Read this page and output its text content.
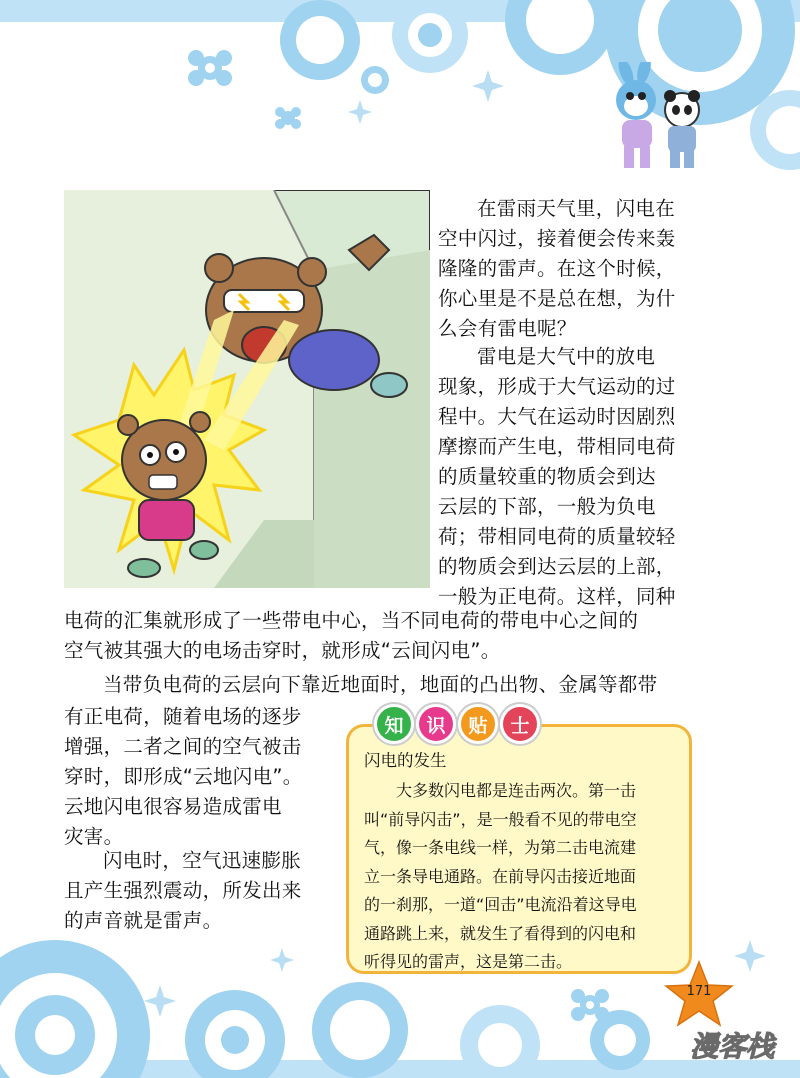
在雷雨天气里，闪电在

空中闪过，接着便会传来轰

隆隆的雷声。在这个时候，

你心里是不是总在想，为什

么会有雷电呢？

雷电是大气中的放电

现象，形成于大气运动的过

程中。大气在运动时因剧烈

摩擦而产生电，带相同电荷

的质量较重的物质会到达

云层的下部，一般为负电

荷；带相同电荷的质量较轻

的物质会到达云层的上部，

一般为正电荷。这样，同种

电荷的汇集就形成了一些带电中心，当不同电荷的带电中心之间的

空气被其强大的电场击穿时，就形成“云间闪电”。

当带负电荷的云层向下靠近地面时，地面的凸出物、金属等都带

有正电荷，随着电场的逐步

增强，二者之间的空气被击

穿时，即形成“云地闪电”。

云地闪电很容易造成雷电

灾害。

闪电时，空气迅速膨胀

且产生强烈震动，所发出来

的声音就是雷声。

知	识	贴	士
闪电的发生

大多数闪电都是连击两次。第一击

叫“前导闪击”，是一般看不见的带电空

气，像一条电线一样，为第二击电流建

立一条导电通路。在前导闪击接近地面

的一刹那，一道“回击”电流沿着这导电

通路跳上来，就发生了看得到的闪电和

听得见的雷声，这是第二击。

171
漫客栈
